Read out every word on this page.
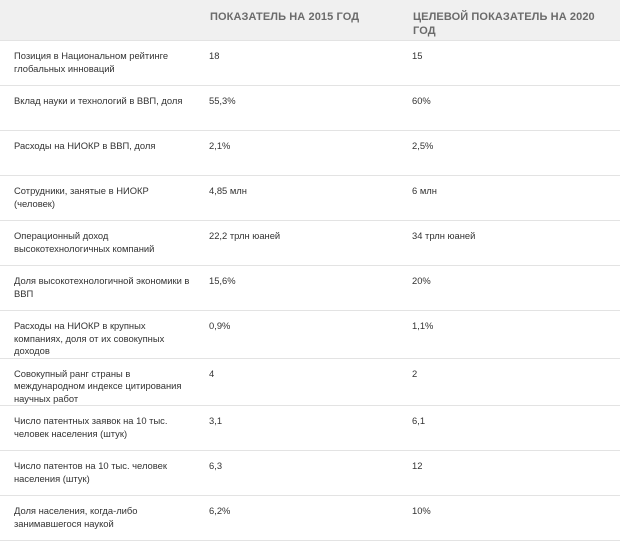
	ПОКАЗАТЕЛЬ НА 2015 ГОД	ЦЕЛЕВОЙ ПОКАЗАТЕЛЬ НА 2020 ГОД
Позиция в Национальном рейтинге глобальных инноваций	18	15
Вклад науки и технологий в ВВП, доля	55,3%	60%
Расходы на НИОКР в ВВП, доля	2,1%	2,5%
Сотрудники, занятые в НИОКР (человек)	4,85 млн	6 млн
Операционный доход высокотехнологичных компаний	22,2 трлн юаней	34 трлн юаней
Доля высокотехнологичной экономики в ВВП	15,6%	20%
Расходы на НИОКР в крупных компаниях, доля от их совокупных доходов	0,9%	1,1%
Совокупный ранг страны в международном индексе цитирования научных работ	4	2
Число патентных заявок на 10 тыс. человек населения (штук)	3,1	6,1
Число патентов на 10 тыс. человек населения (штук)	6,3	12
Доля населения, когда-либо занимавшегося наукой	6,2%	10%
